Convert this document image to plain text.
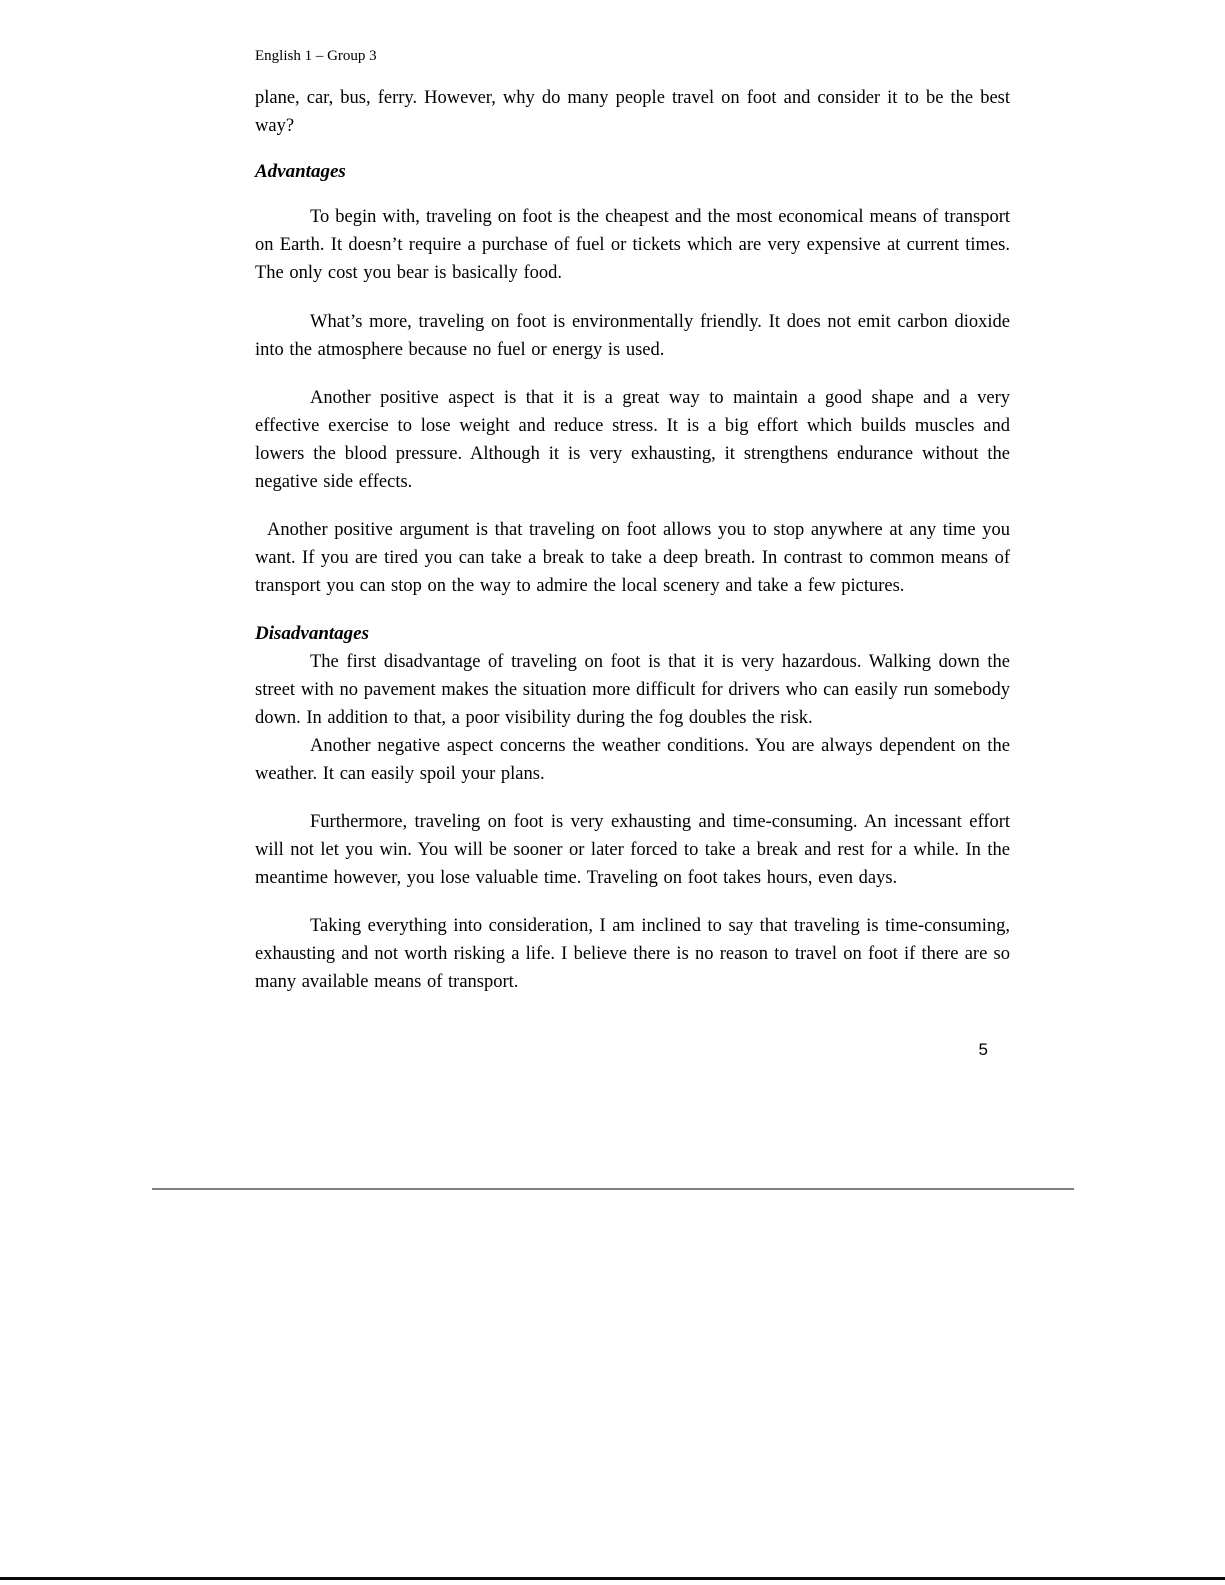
English 1 – Group 3

plane, car, bus, ferry. However, why do many people travel on foot and consider it to be the best way?

Advantages

To begin with, traveling on foot is the cheapest and the most economical means of transport on Earth. It doesn’t require a purchase of fuel or tickets which are very expensive at current times. The only cost you bear is basically food.

What’s more, traveling on foot is environmentally friendly. It does not emit carbon dioxide into the atmosphere because no fuel or energy is used.

Another positive aspect is that it is a great way to maintain a good shape and a very effective exercise to lose weight and reduce stress. It is a big effort which builds muscles and lowers the blood pressure. Although it is very exhausting, it strengthens endurance without the negative side effects.

Another positive argument is that traveling on foot allows you to stop anywhere at any time you want. If you are tired you can take a break to take a deep breath. In contrast to common means of transport you can stop on the way to admire the local scenery and take a few pictures.

Disadvantages

The first disadvantage of traveling on foot is that it is very hazardous. Walking down the street with no pavement makes the situation more difficult for drivers who can easily run somebody down. In addition to that, a poor visibility during the fog doubles the risk.

Another negative aspect concerns the weather conditions. You are always dependent on the weather. It can easily spoil your plans.

Furthermore, traveling on foot is very exhausting and time-consuming. An incessant effort will not let you win. You will be sooner or later forced to take a break and rest for a while. In the meantime however, you lose valuable time. Traveling on foot takes hours, even days.

Taking everything into consideration, I am inclined to say that traveling is time-consuming, exhausting and not worth risking a life. I believe there is no reason to travel on foot if there are so many available means of transport.

5
